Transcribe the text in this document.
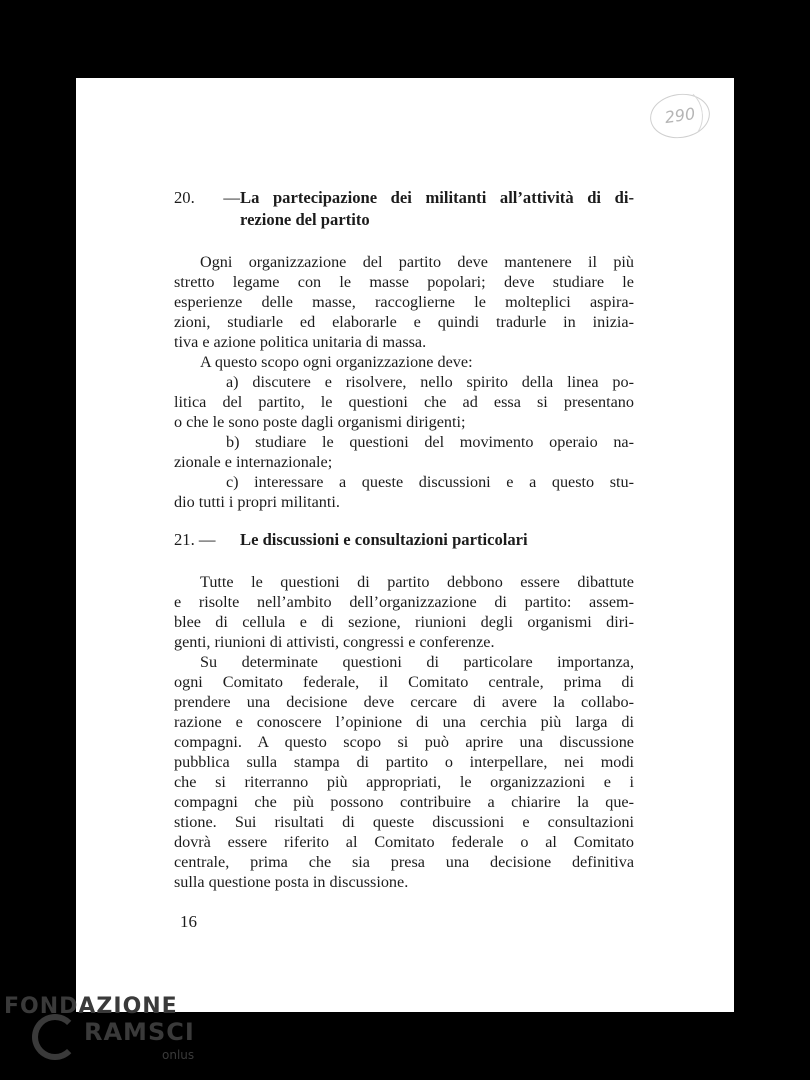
290
20. —La partecipazione dei militanti all’attività di di-
rezione del partito
Ogni organizzazione del partito deve mantenere il più
stretto legame con le masse popolari; deve studiare le
esperienze delle masse, raccoglierne le molteplici aspira-
zioni, studiarle ed elaborarle e quindi tradurle in inizia-
tiva e azione politica unitaria di massa.
A questo scopo ogni organizzazione deve:
a) discutere e risolvere, nello spirito della linea po-
litica del partito, le questioni che ad essa si presentano
o che le sono poste dagli organismi dirigenti;
b) studiare le questioni del movimento operaio na-
zionale e internazionale;
c) interessare a queste discussioni e a questo stu-
dio tutti i propri militanti.
21. — Le discussioni e consultazioni particolari
Tutte le questioni di partito debbono essere dibattute
e risolte nell’ambito dell’organizzazione di partito: assem-
blee di cellula e di sezione, riunioni degli organismi diri-
genti, riunioni di attivisti, congressi e conferenze.
Su determinate questioni di particolare importanza,
ogni Comitato federale, il Comitato centrale, prima di
prendere una decisione deve cercare di avere la collabo-
razione e conoscere l’opinione di una cerchia più larga di
compagni. A questo scopo si può aprire una discussione
pubblica sulla stampa di partito o interpellare, nei modi
che si riterranno più appropriati, le organizzazioni e i
compagni che più possono contribuire a chiarire la que-
stione. Sui risultati di queste discussioni e consultazioni
dovrà essere riferito al Comitato federale o al Comitato
centrale, prima che sia presa una decisione definitiva
sulla questione posta in discussione.
16
FONDAZIONE
RAMSCI
onlus
